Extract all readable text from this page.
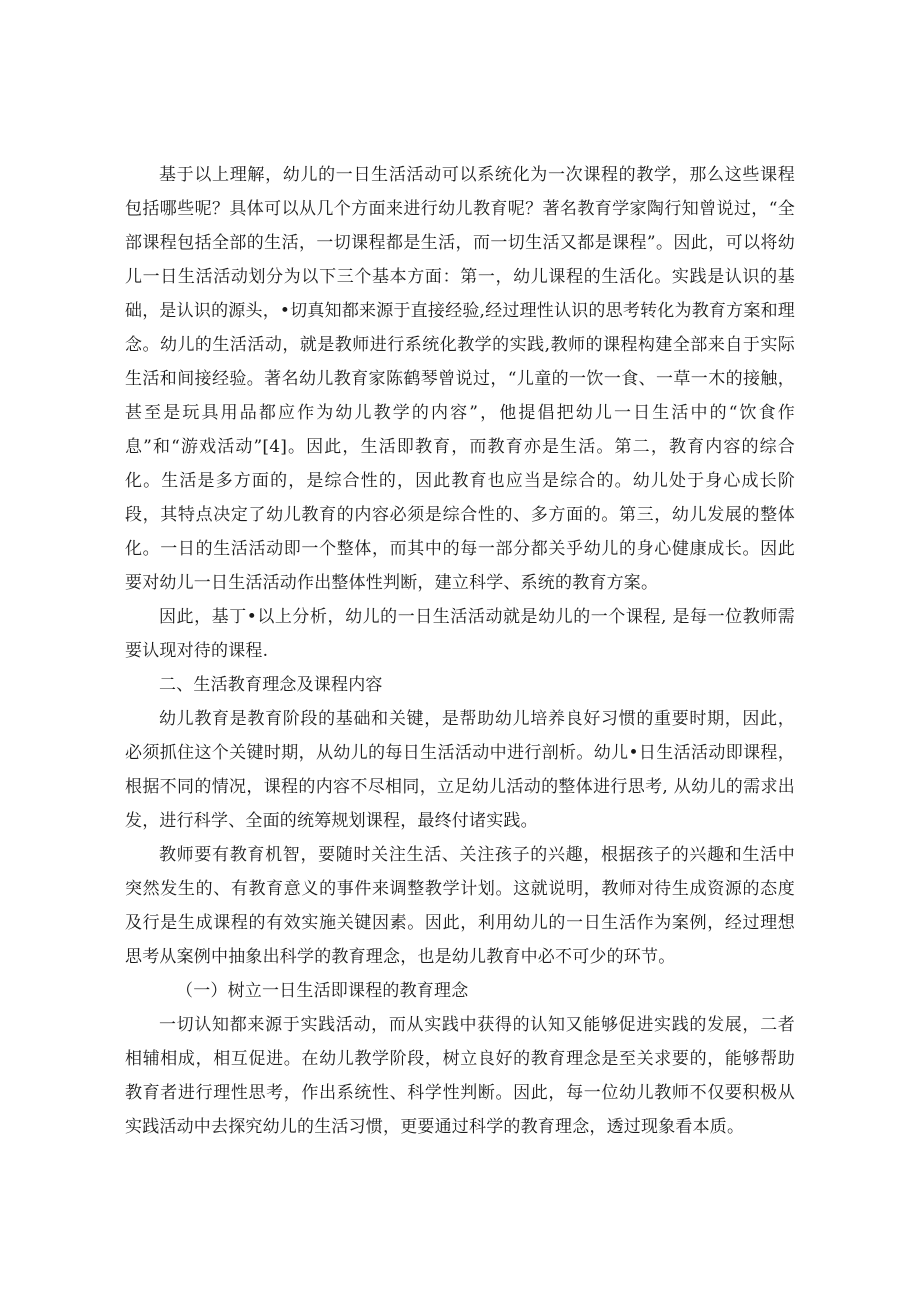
基于以上理解，幼儿的一日生活活动可以系统化为一次课程的教学，那么这些课程包括哪些呢？具体可以从几个方面来进行幼儿教育呢？著名教育学家陶行知曾说过，“全部课程包括全部的生活，一切课程都是生活，而一切生活又都是课程”。因此，可以将幼儿一日生活活动划分为以下三个基本方面：第一，幼儿课程的生活化。实践是认识的基础，是认识的源头，•切真知都来源于直接经验,经过理性认识的思考转化为教育方案和理念。幼儿的生活活动，就是教师进行系统化教学的实践,教师的课程构建全部来自于实际生活和间接经验。著名幼儿教育家陈鹤琴曾说过，“儿童的一饮一食、一草一木的接触，甚至是玩具用品都应作为幼儿教学的内容”，他提倡把幼儿一日生活中的“饮食作息”和“游戏活动”[4]。因此，生活即教育，而教育亦是生活。第二，教育内容的综合化。生活是多方面的，是综合性的，因此教育也应当是综合的。幼儿处于身心成长阶段，其特点决定了幼儿教育的内容必须是综合性的、多方面的。第三，幼儿发展的整体化。一日的生活活动即一个整体，而其中的每一部分都关乎幼儿的身心健康成长。因此要对幼儿一日生活活动作出整体性判断，建立科学、系统的教育方案。

因此，基丁•以上分析，幼儿的一日生活活动就是幼儿的一个课程, 是每一位教师需要认现对待的课程.

二、生活教育理念及课程内容

幼儿教育是教育阶段的基础和关键，是帮助幼儿培养良好习惯的重要时期，因此，必须抓住这个关键时期，从幼儿的每日生活活动中进行剖析。幼儿•日生活活动即课程，根据不同的情况，课程的内容不尽相同，立足幼儿活动的整体进行思考, 从幼儿的需求出发，进行科学、全面的统筹规划课程，最终付诸实践。

教师要有教育机智，要随时关注生活、关注孩子的兴趣，根据孩子的兴趣和生活中突然发生的、有教育意义的事件来调整教学计划。这就说明，教师对待生成资源的态度及行是生成课程的有效实施关键因素。因此，利用幼儿的一日生活作为案例，经过理想思考从案例中抽象出科学的教育理念，也是幼儿教育中必不可少的环节。

（一）树立一日生活即课程的教育理念

一切认知都来源于实践活动，而从实践中获得的认知又能够促进实践的发展，二者相辅相成，相互促进。在幼儿教学阶段，树立良好的教育理念是至关求要的，能够帮助教育者进行理性思考，作出系统性、科学性判断。因此，每一位幼儿教师不仅要积极从实践活动中去探究幼儿的生活习惯，更要通过科学的教育理念，透过现象看本质。
